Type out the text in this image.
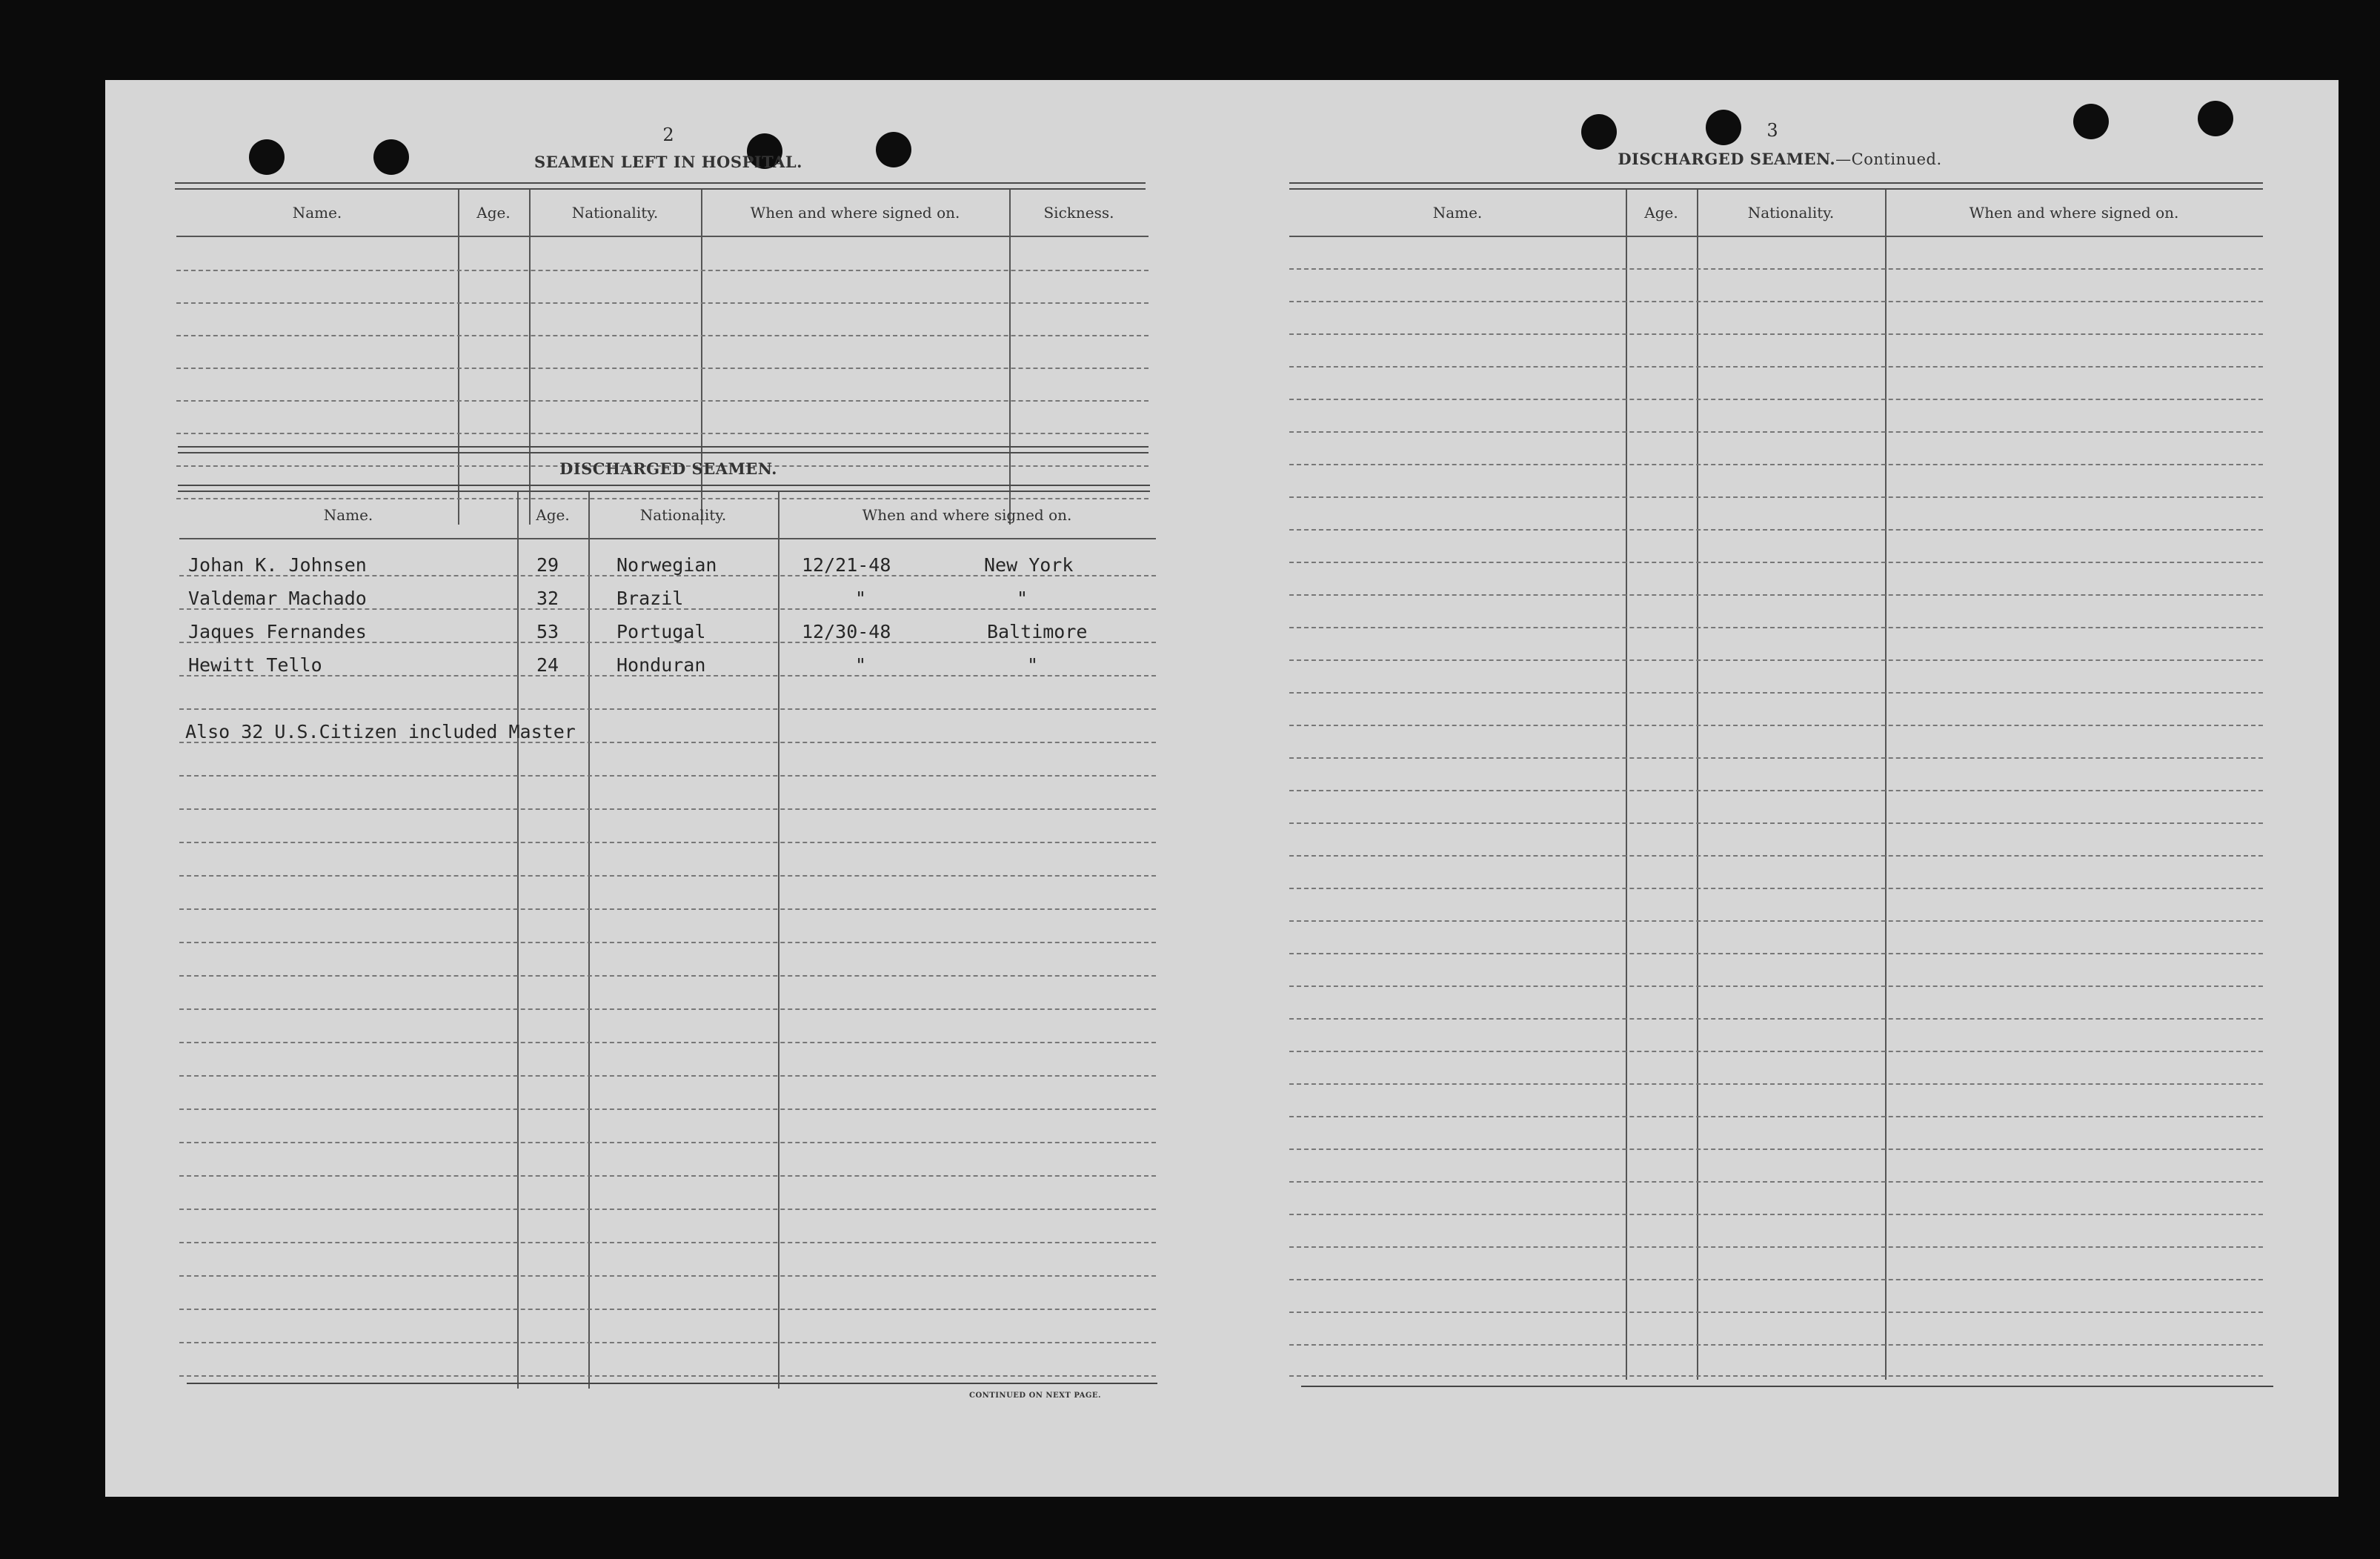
2
SEAMEN LEFT IN HOSPITAL.
Name.	Age.	Nationality.	When and where signed on.	Sickness.
DISCHARGED SEAMEN.
Name.	Age.	Nationality.	When and where signed on.
Johan K. Johnsen	29	Norwegian	12/21-48	New York
Valdemar Machado	32	Brazil	"	"
Jaques Fernandes	53	Portugal	12/30-48	Baltimore
Hewitt Tello	24	Honduran	"	"
Also 32 U.S.Citizen included Master
CONTINUED ON NEXT PAGE.
3
DISCHARGED SEAMEN.—Continued.
Name.	Age.	Nationality.	When and where signed on.
